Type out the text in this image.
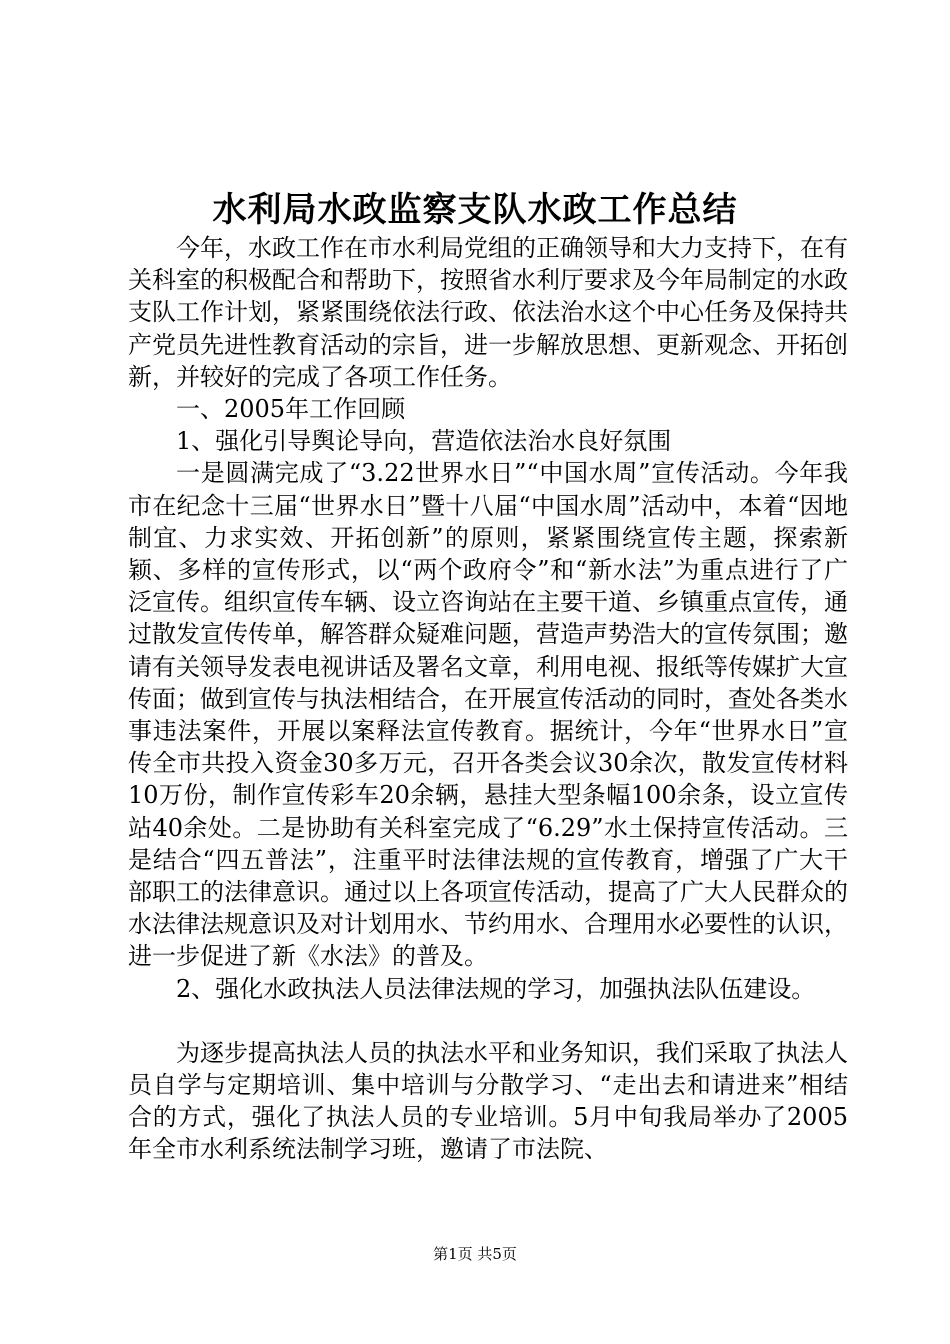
水利局水政监察支队水政工作总结

今年，水政工作在市水利局党组的正确领导和大力支持下，在有关科室的积极配合和帮助下，按照省水利厅要求及今年局制定的水政支队工作计划，紧紧围绕依法行政、依法治水这个中心任务及保持共产党员先进性教育活动的宗旨，进一步解放思想、更新观念、开拓创新，并较好的完成了各项工作任务。

一、2005年工作回顾

1、强化引导舆论导向，营造依法治水良好氛围

一是圆满完成了“3.22世界水日”“中国水周”宣传活动。今年我市在纪念十三届“世界水日”暨十八届“中国水周”活动中，本着“因地制宜、力求实效、开拓创新”的原则，紧紧围绕宣传主题，探索新颖、多样的宣传形式，以“两个政府令”和“新水法”为重点进行了广泛宣传。组织宣传车辆、设立咨询站在主要干道、乡镇重点宣传，通过散发宣传传单，解答群众疑难问题，营造声势浩大的宣传氛围；邀请有关领导发表电视讲话及署名文章，利用电视、报纸等传媒扩大宣传面；做到宣传与执法相结合，在开展宣传活动的同时，查处各类水事违法案件，开展以案释法宣传教育。据统计，今年“世界水日”宣传全市共投入资金30多万元，召开各类会议30余次，散发宣传材料10万份，制作宣传彩车20余辆，悬挂大型条幅100余条，设立宣传站40余处。二是协助有关科室完成了“6.29”水土保持宣传活动。三是结合“四五普法”，注重平时法律法规的宣传教育，增强了广大干部职工的法律意识。通过以上各项宣传活动，提高了广大人民群众的水法律法规意识及对计划用水、节约用水、合理用水必要性的认识，进一步促进了新《水法》的普及。

2、强化水政执法人员法律法规的学习，加强执法队伍建设。

为逐步提高执法人员的执法水平和业务知识，我们采取了执法人员自学与定期培训、集中培训与分散学习、“走出去和请进来”相结合的方式，强化了执法人员的专业培训。5月中旬我局举办了2005年全市水利系统法制学习班，邀请了市法院、

第1页 共5页
